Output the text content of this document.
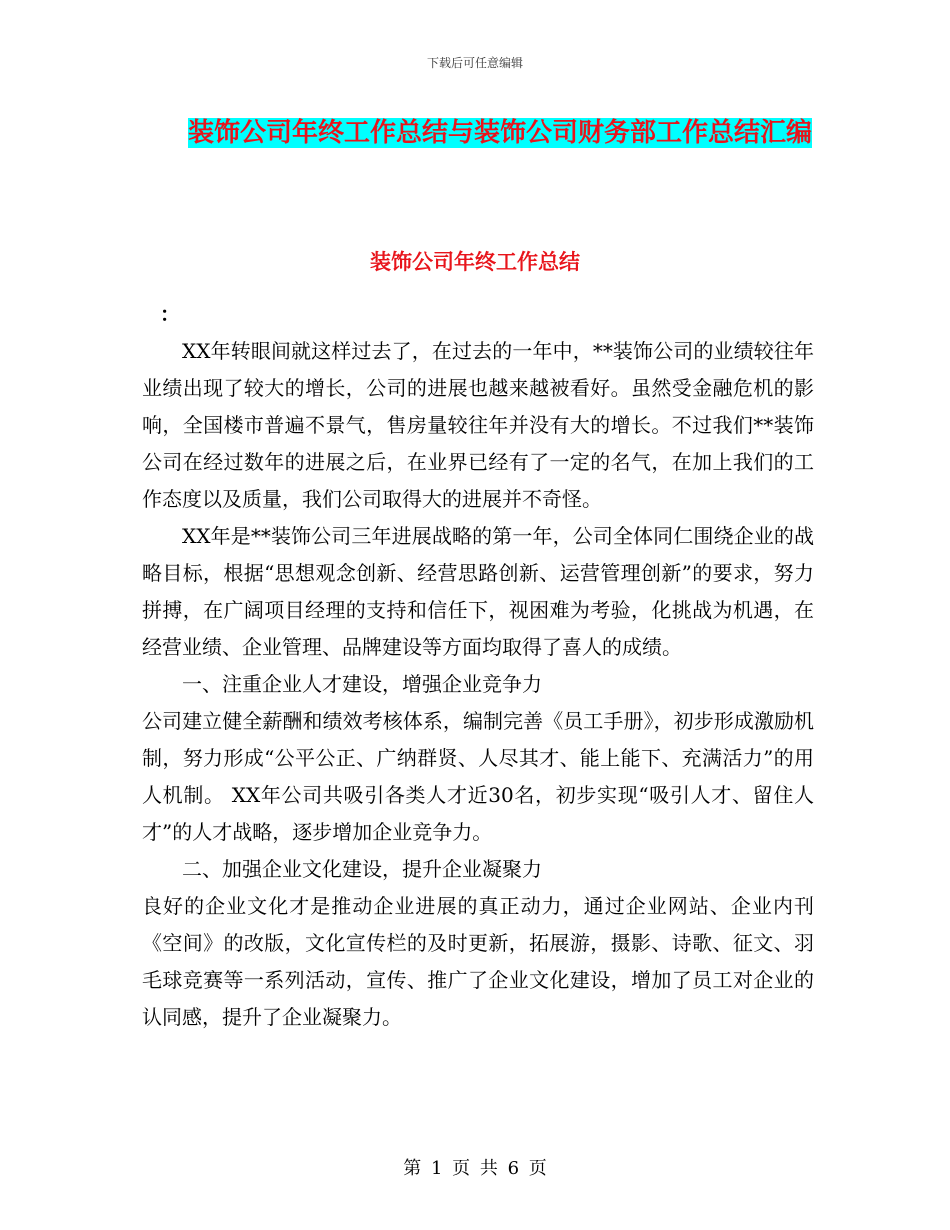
下载后可任意编辑
装饰公司年终工作总结与装饰公司财务部工作总结汇编
装饰公司年终工作总结

：

XX年转眼间就这样过去了，在过去的一年中，**装饰公司的业绩较往年业绩出现了较大的增长，公司的进展也越来越被看好。虽然受金融危机的影响，全国楼市普遍不景气，售房量较往年并没有大的增长。不过我们**装饰公司在经过数年的进展之后，在业界已经有了一定的名气，在加上我们的工作态度以及质量，我们公司取得大的进展并不奇怪。

XX年是**装饰公司三年进展战略的第一年，公司全体同仁围绕企业的战略目标，根据“思想观念创新、经营思路创新、运营管理创新”的要求，努力拼搏，在广阔项目经理的支持和信任下，视困难为考验，化挑战为机遇，在经营业绩、企业管理、品牌建设等方面均取得了喜人的成绩。

一、注重企业人才建设，增强企业竞争力

公司建立健全薪酬和绩效考核体系，编制完善《员工手册》，初步形成激励机制，努力形成“公平公正、广纳群贤、人尽其才、能上能下、充满活力”的用人机制。 XX年公司共吸引各类人才近30名，初步实现“吸引人才、留住人才”的人才战略，逐步增加企业竞争力。

二、加强企业文化建设，提升企业凝聚力

良好的企业文化才是推动企业进展的真正动力，通过企业网站、企业内刊《空间》的改版，文化宣传栏的及时更新，拓展游，摄影、诗歌、征文、羽毛球竞赛等一系列活动，宣传、推广了企业文化建设，增加了员工对企业的认同感，提升了企业凝聚力。

第 1 页 共 6 页
